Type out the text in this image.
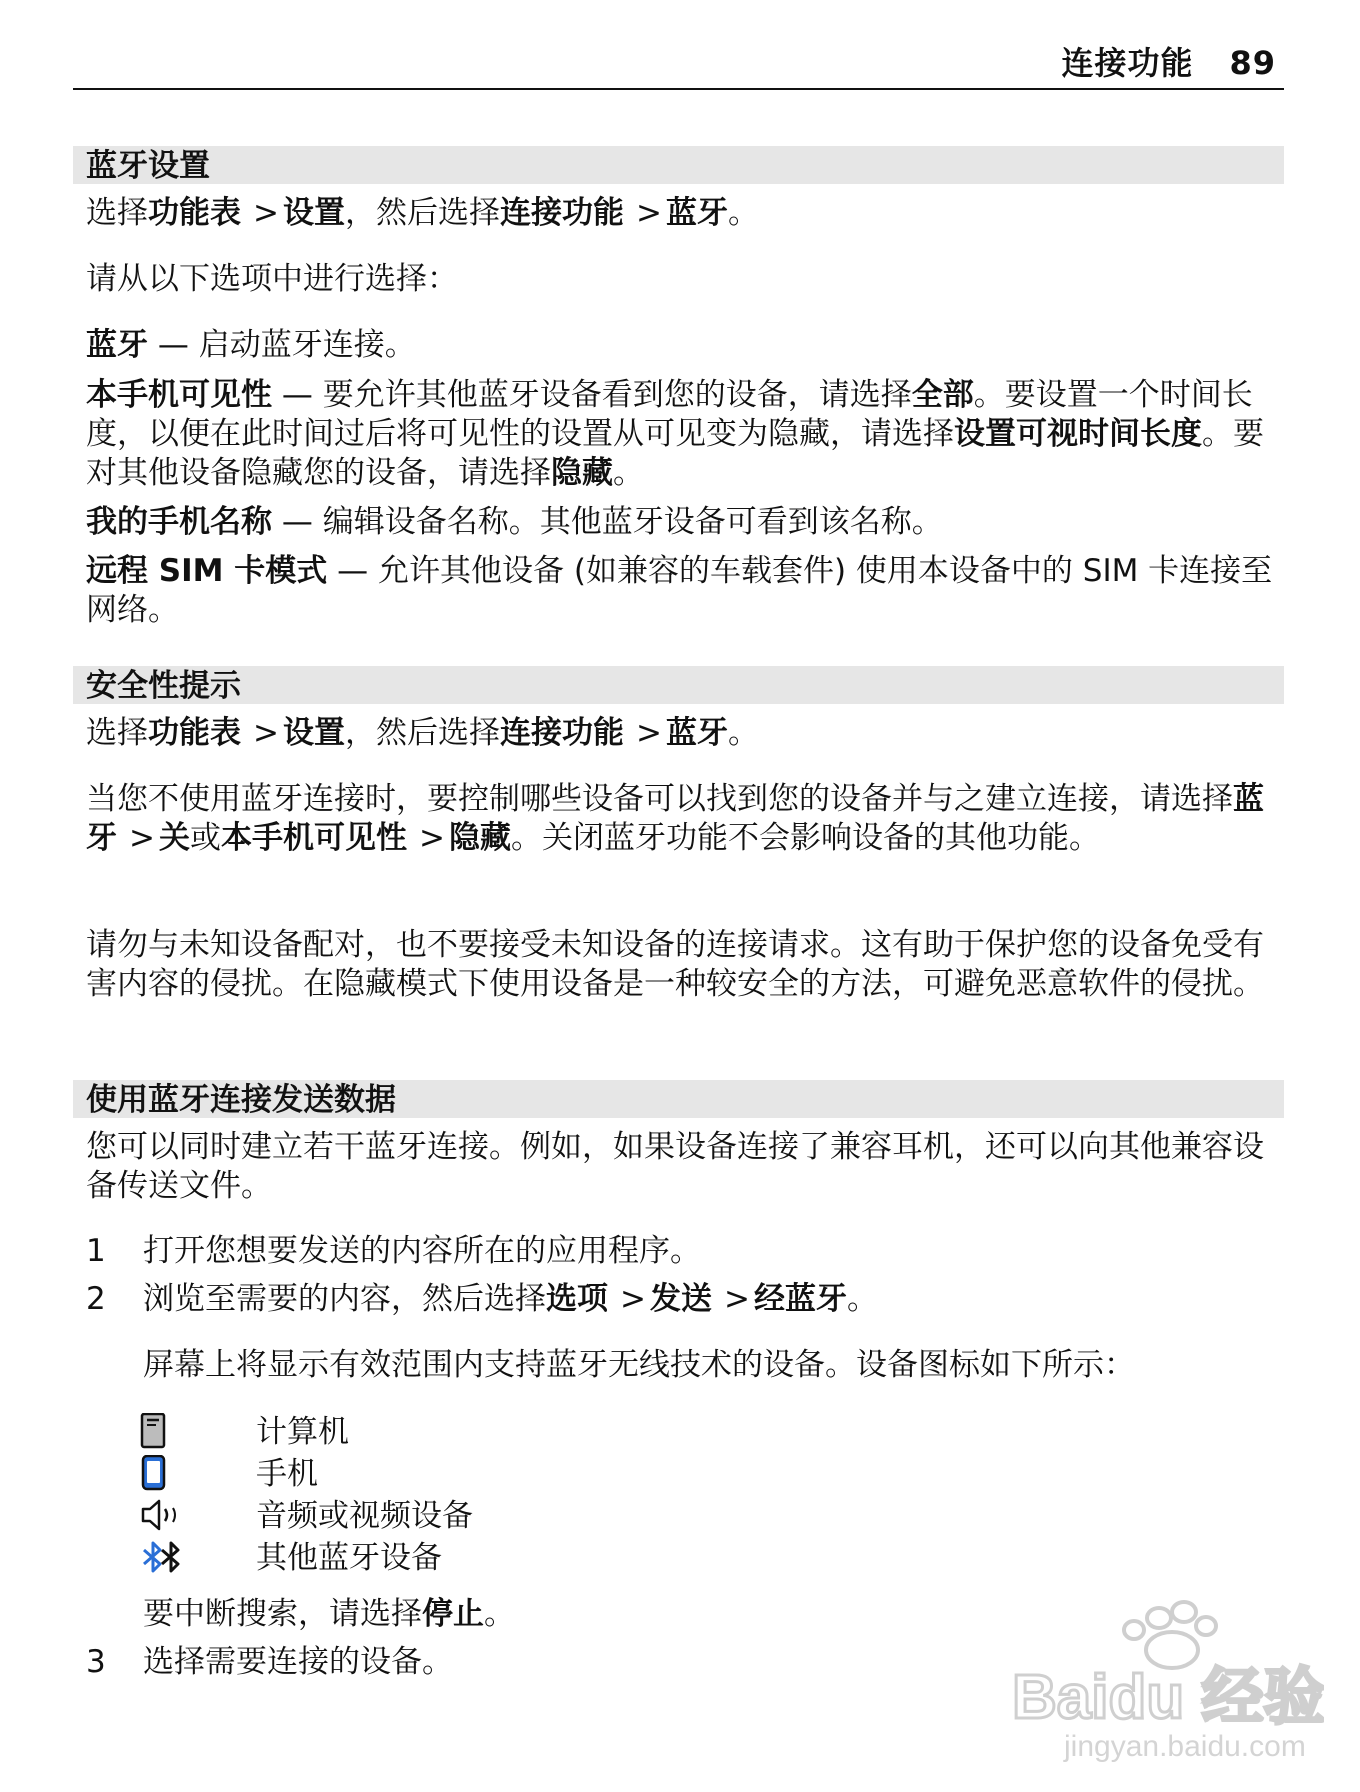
连接功能 89
蓝牙设置
选择功能表 > 设置，然后选择连接功能 > 蓝牙。
请从以下选项中进行选择：
蓝牙 — 启动蓝牙连接。
本手机可见性 — 要允许其他蓝牙设备看到您的设备，请选择全部。要设置一个时间长度，以便在此时间过后将可见性的设置从可见变为隐藏，请选择设置可视时间长度。要对其他设备隐藏您的设备，请选择隐藏。
我的手机名称 — 编辑设备名称。其他蓝牙设备可看到该名称。
远程 SIM 卡模式 — 允许其他设备 (如兼容的车载套件) 使用本设备中的 SIM 卡连接至网络。
安全性提示
选择功能表 > 设置，然后选择连接功能 > 蓝牙。
当您不使用蓝牙连接时，要控制哪些设备可以找到您的设备并与之建立连接，请选择蓝牙 > 关或本手机可见性 > 隐藏。关闭蓝牙功能不会影响设备的其他功能。
请勿与未知设备配对，也不要接受未知设备的连接请求。这有助于保护您的设备免受有害内容的侵扰。在隐藏模式下使用设备是一种较安全的方法，可避免恶意软件的侵扰。
使用蓝牙连接发送数据
您可以同时建立若干蓝牙连接。例如，如果设备连接了兼容耳机，还可以向其他兼容设备传送文件。
1 打开您想要发送的内容所在的应用程序。
2 浏览至需要的内容，然后选择选项 > 发送 > 经蓝牙。
屏幕上将显示有效范围内支持蓝牙无线技术的设备。设备图标如下所示：
计算机
手机
音频或视频设备
其他蓝牙设备
要中断搜索，请选择停止。
3 选择需要连接的设备。
Baidu 经验
jingyan.baidu.com
